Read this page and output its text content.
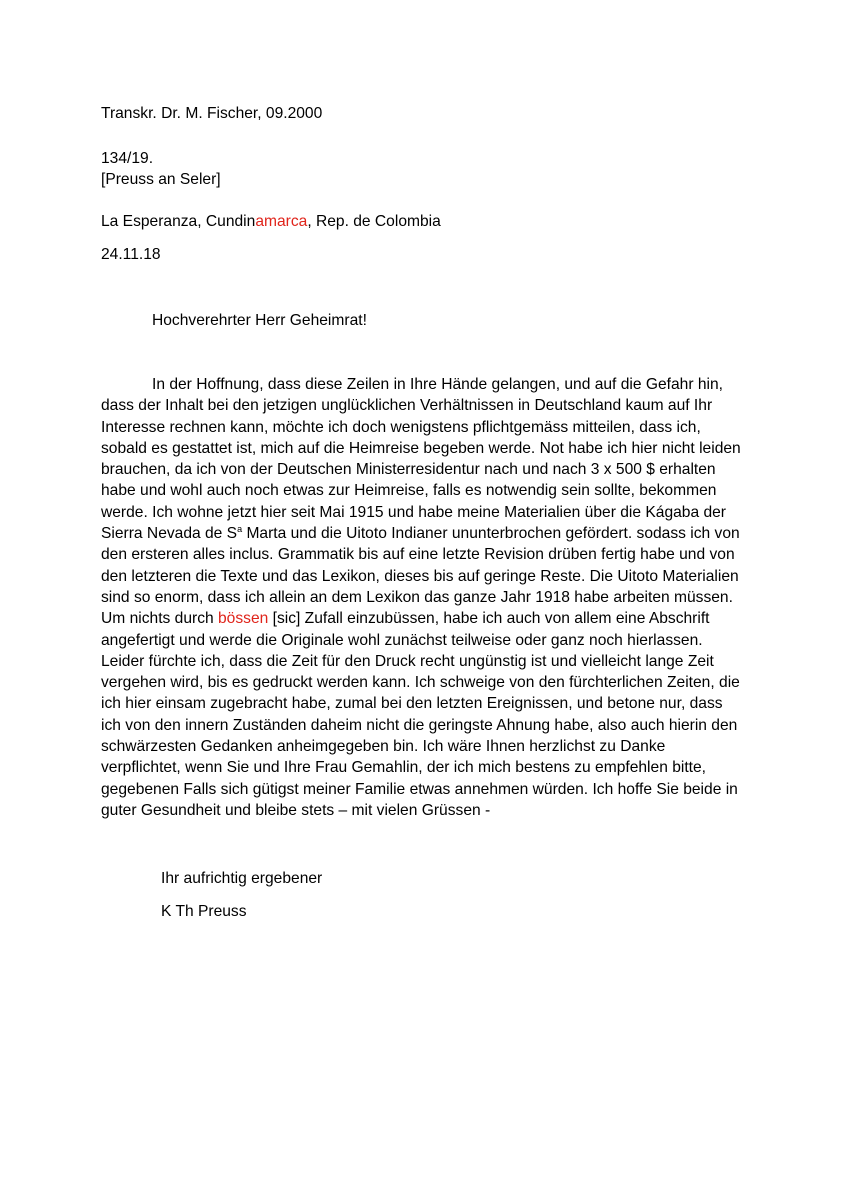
Transkr. Dr. M. Fischer, 09.2000
134/19.
[Preuss an Seler]
La Esperanza, Cundinamarca, Rep. de Colombia
24.11.18
Hochverehrter Herr Geheimrat!
In der Hoffnung, dass diese Zeilen in Ihre Hände gelangen, und auf die Gefahr hin,
dass der Inhalt bei den jetzigen unglücklichen Verhältnissen in Deutschland kaum auf Ihr
Interesse rechnen kann, möchte ich doch wenigstens pflichtgemäss mitteilen, dass ich,
sobald es gestattet ist, mich auf die Heimreise begeben werde. Not habe ich hier nicht leiden
brauchen, da ich von der Deutschen Ministerresidentur nach und nach 3 x 500 $ erhalten
habe und wohl auch noch etwas zur Heimreise, falls es notwendig sein sollte, bekommen
werde. Ich wohne jetzt hier seit Mai 1915 und habe meine Materialien über die Kágaba der
Sierra Nevada de $S^a$ Marta und die Uitoto Indianer ununterbrochen gefördert. sodass ich von
den ersteren alles inclus. Grammatik bis auf eine letzte Revision drüben fertig habe und von
den letzteren die Texte und das Lexikon, dieses bis auf geringe Reste. Die Uitoto Materialien
sind so enorm, dass ich allein an dem Lexikon das ganze Jahr 1918 habe arbeiten müssen.
Um nichts durch bössen [sic] Zufall einzubüssen, habe ich auch von allem eine Abschrift
angefertigt und werde die Originale wohl zunächst teilweise oder ganz noch hierlassen.
Leider fürchte ich, dass die Zeit für den Druck recht ungünstig ist und vielleicht lange Zeit
vergehen wird, bis es gedruckt werden kann. Ich schweige von den fürchterlichen Zeiten, die
ich hier einsam zugebracht habe, zumal bei den letzten Ereignissen, und betone nur, dass
ich von den innern Zuständen daheim nicht die geringste Ahnung habe, also auch hierin den
schwärzesten Gedanken anheimgegeben bin. Ich wäre Ihnen herzlichst zu Danke
verpflichtet, wenn Sie und Ihre Frau Gemahlin, der ich mich bestens zu empfehlen bitte,
gegebenen Falls sich gütigst meiner Familie etwas annehmen würden. Ich hoffe Sie beide in
guter Gesundheit und bleibe stets – mit vielen Grüssen -
Ihr aufrichtig ergebener
K Th Preuss
